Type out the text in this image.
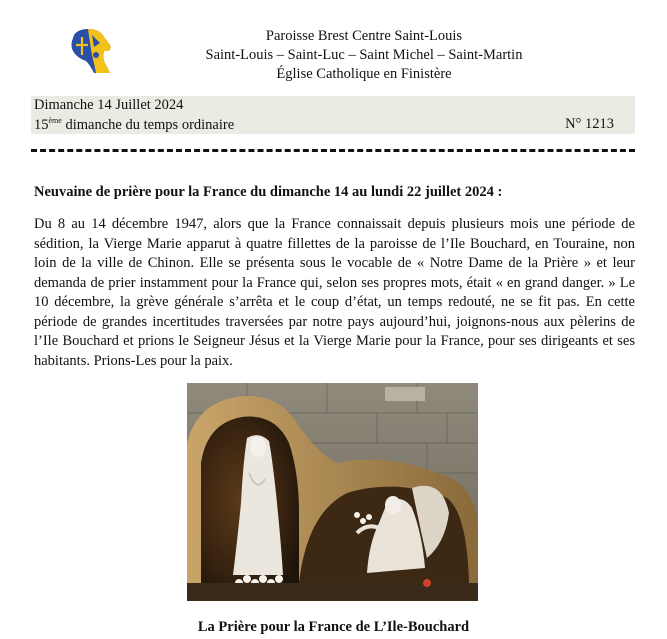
Paroisse Brest Centre Saint-Louis
Saint-Louis – Saint-Luc – Saint Michel – Saint-Martin
Église Catholique en Finistère
Dimanche 14 Juillet 2024
15ème dimanche du temps ordinaire	N° 1213
Neuvaine de prière pour la France du dimanche 14 au lundi 22 juillet 2024 :
Du 8 au 14 décembre 1947, alors que la France connaissait depuis plusieurs mois une période de sédition, la Vierge Marie apparut à quatre fillettes de la paroisse de l’Ile Bouchard, en Touraine, non loin de la ville de Chinon. Elle se présenta sous le vocable de « Notre Dame de la Prière » et leur demanda de prier instamment pour la France qui, selon ses propres mots, était « en grand danger. » Le 10 décembre, la grève générale s’arrêta et le coup d’état, un temps redouté, ne se fit pas. En cette période de grandes incertitudes traversées par notre pays aujourd’hui, joignons-nous aux pèlerins de l’Ile Bouchard et prions le Seigneur Jésus et la Vierge Marie pour la France, pour ses dirigeants et ses habitants. Prions-Les pour la paix.
La Prière pour la France de L’Ile-Bouchard
